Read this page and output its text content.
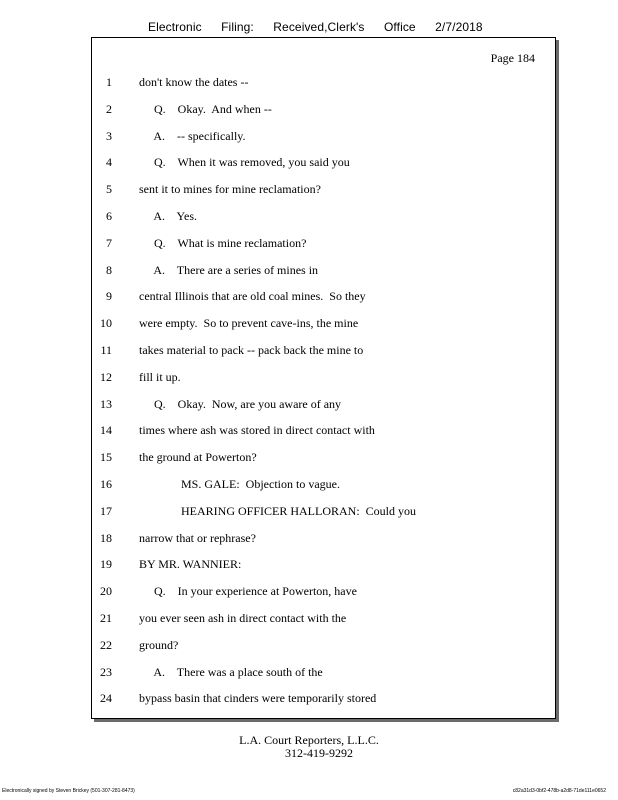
Electronic Filing: Received,Clerk's Office 2/7/2018
Page 184
1 don't know the dates --
2 Q.    Okay.  And when --
3 A.    -- specifically.
4 Q.    When it was removed, you said you
5 sent it to mines for mine reclamation?
6 A.    Yes.
7 Q.    What is mine reclamation?
8 A.    There are a series of mines in
9 central Illinois that are old coal mines.  So they
10 were empty.  So to prevent cave-ins, the mine
11 takes material to pack -- pack back the mine to
12 fill it up.
13 Q.    Okay.  Now, are you aware of any
14 times where ash was stored in direct contact with
15 the ground at Powerton?
16 MS. GALE:  Objection to vague.
17 HEARING OFFICER HALLORAN:  Could you
18 narrow that or rephrase?
19 BY MR. WANNIER:
20 Q.    In your experience at Powerton, have
21 you ever seen ash in direct contact with the
22 ground?
23 A.    There was a place south of the
24 bypass basin that cinders were temporarily stored
L.A. Court Reporters, L.L.C.
312-419-9292
Electronically signed by Steven Brickey (501-307-281-8473)	c82a31d3-0bf2-478b-a2d8-71de111e0652
